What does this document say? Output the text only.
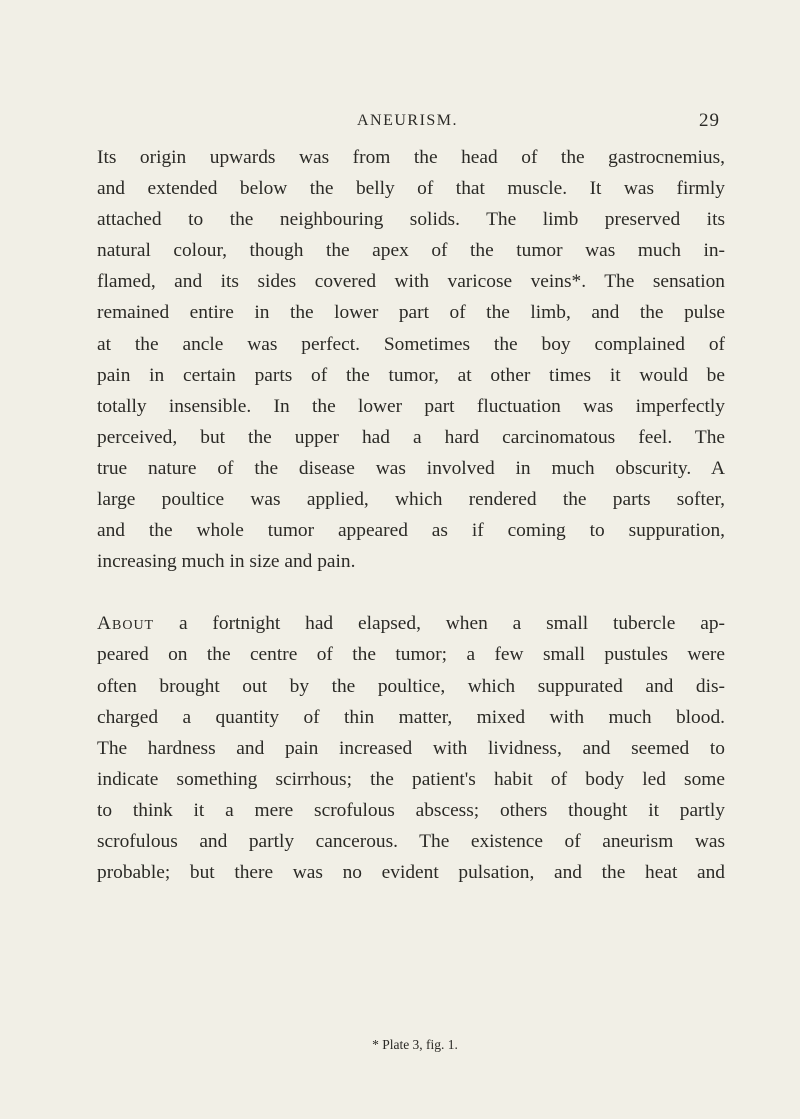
ANEURISM.	29
Its origin upwards was from the head of the gastrocnemius,
and extended below the belly of that muscle. It was firmly
attached to the neighbouring solids. The limb preserved its
natural colour, though the apex of the tumor was much in-
flamed, and its sides covered with varicose veins*. The sensation
remained entire in the lower part of the limb, and the pulse
at the ancle was perfect. Sometimes the boy complained of
pain in certain parts of the tumor, at other times it would be
totally insensible. In the lower part fluctuation was imperfectly
perceived, but the upper had a hard carcinomatous feel. The
true nature of the disease was involved in much obscurity. A
large poultice was applied, which rendered the parts softer,
and the whole tumor appeared as if coming to suppuration,
increasing much in size and pain.
About a fortnight had elapsed, when a small tubercle ap-
peared on the centre of the tumor; a few small pustules were
often brought out by the poultice, which suppurated and dis-
charged a quantity of thin matter, mixed with much blood.
The hardness and pain increased with lividness, and seemed to
indicate something scirrhous; the patient's habit of body led some
to think it a mere scrofulous abscess; others thought it partly
scrofulous and partly cancerous. The existence of aneurism was
probable; but there was no evident pulsation, and the heat and
* Plate 3, fig. 1.
